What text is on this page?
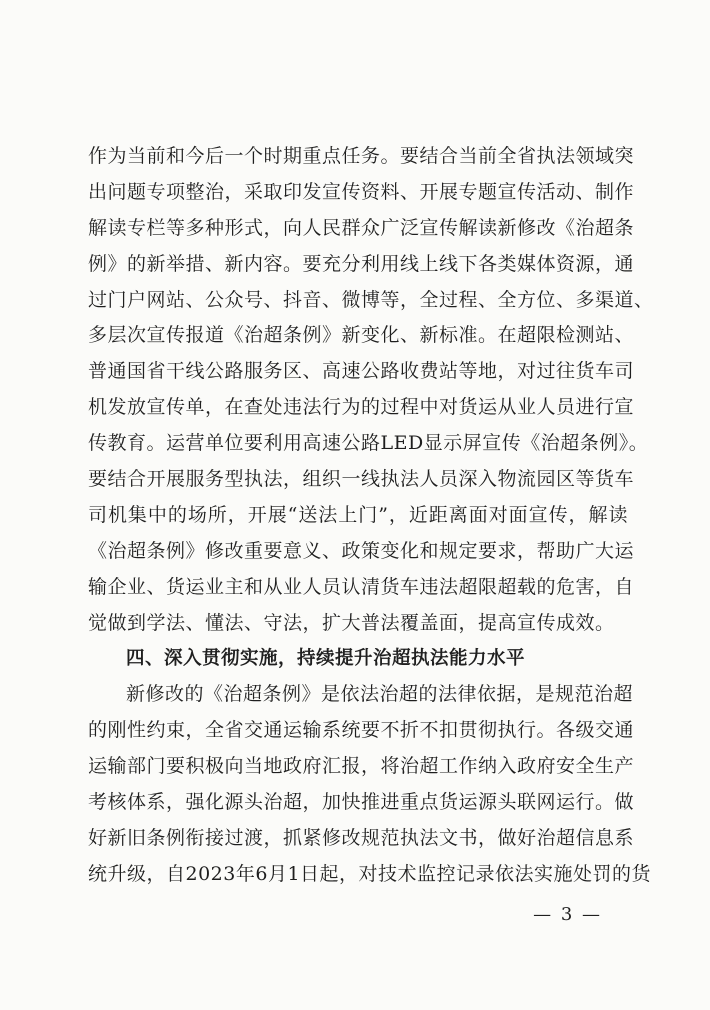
作为当前和今后一个时期重点任务。要结合当前全省执法领域突
出问题专项整治，采取印发宣传资料、开展专题宣传活动、制作
解读专栏等多种形式，向人民群众广泛宣传解读新修改《治超条
例》的新举措、新内容。要充分利用线上线下各类媒体资源，通
过门户网站、公众号、抖音、微博等，全过程、全方位、多渠道、
多层次宣传报道《治超条例》新变化、新标准。在超限检测站、
普通国省干线公路服务区、高速公路收费站等地，对过往货车司
机发放宣传单，在查处违法行为的过程中对货运从业人员进行宣
传教育。运营单位要利用高速公路LED显示屏宣传《治超条例》。
要结合开展服务型执法，组织一线执法人员深入物流园区等货车
司机集中的场所，开展“送法上门”，近距离面对面宣传，解读
《治超条例》修改重要意义、政策变化和规定要求，帮助广大运
输企业、货运业主和从业人员认清货车违法超限超载的危害，自
觉做到学法、懂法、守法，扩大普法覆盖面，提高宣传成效。
四、深入贯彻实施，持续提升治超执法能力水平
新修改的《治超条例》是依法治超的法律依据，是规范治超
的刚性约束，全省交通运输系统要不折不扣贯彻执行。各级交通
运输部门要积极向当地政府汇报，将治超工作纳入政府安全生产
考核体系，强化源头治超，加快推进重点货运源头联网运行。做
好新旧条例衔接过渡，抓紧修改规范执法文书，做好治超信息系
统升级，自2023年6月1日起，对技术监控记录依法实施处罚的货
— 3 —
